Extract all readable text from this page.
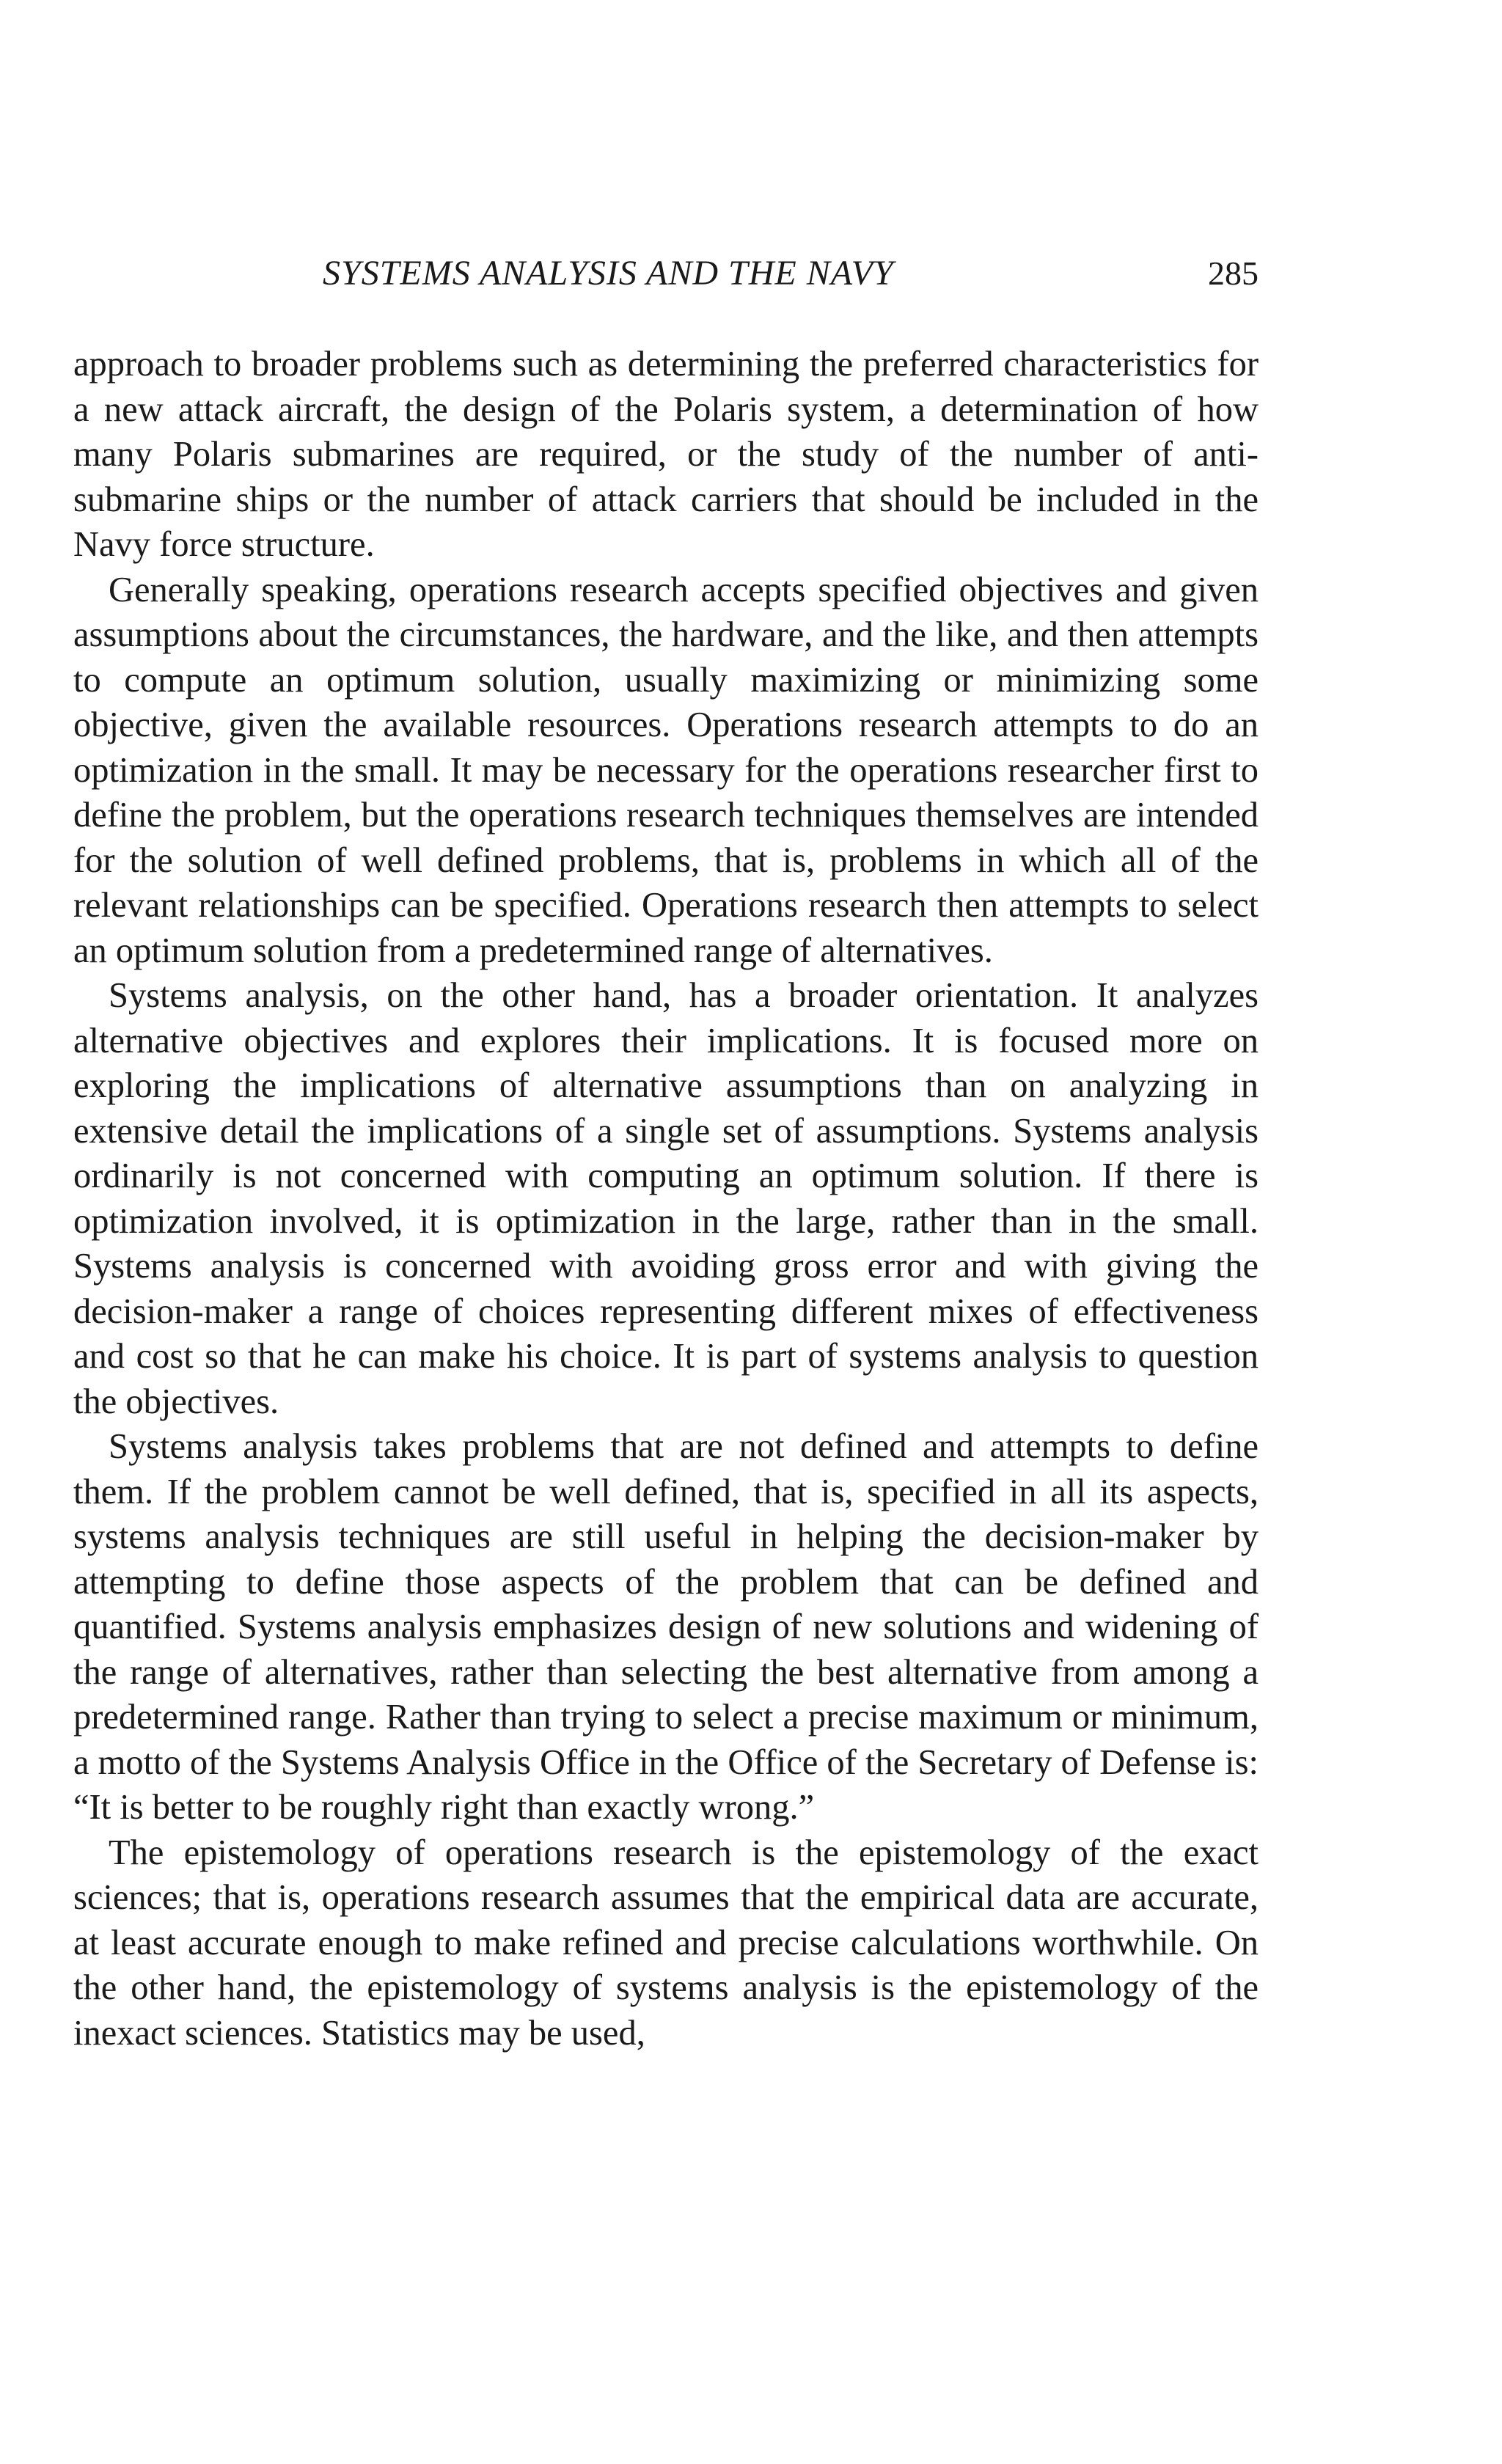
SYSTEMS ANALYSIS AND THE NAVY	285

approach to broader problems such as determining the preferred characteristics for a new attack aircraft, the design of the Polaris system, a determination of how many Polaris submarines are required, or the study of the number of anti-submarine ships or the number of attack carriers that should be included in the Navy force structure.

Generally speaking, operations research accepts specified objectives and given assumptions about the circumstances, the hardware, and the like, and then attempts to compute an optimum solution, usually maximizing or minimizing some objective, given the available resources. Operations research attempts to do an optimization in the small. It may be necessary for the operations researcher first to define the problem, but the operations research techniques themselves are intended for the solution of well defined problems, that is, problems in which all of the relevant relationships can be specified. Operations research then attempts to select an optimum solution from a predetermined range of alternatives.

Systems analysis, on the other hand, has a broader orientation. It analyzes alternative objectives and explores their implications. It is focused more on exploring the implications of alternative assumptions than on analyzing in extensive detail the implications of a single set of assumptions. Systems analysis ordinarily is not concerned with computing an optimum solution. If there is optimization involved, it is optimization in the large, rather than in the small. Systems analysis is concerned with avoiding gross error and with giving the decision-maker a range of choices representing different mixes of effectiveness and cost so that he can make his choice. It is part of systems analysis to question the objectives.

Systems analysis takes problems that are not defined and attempts to define them. If the problem cannot be well defined, that is, specified in all its aspects, systems analysis techniques are still useful in helping the decision-maker by attempting to define those aspects of the problem that can be defined and quantified. Systems analysis emphasizes design of new solutions and widening of the range of alternatives, rather than selecting the best alternative from among a predetermined range. Rather than trying to select a precise maximum or minimum, a motto of the Systems Analysis Office in the Office of the Secretary of Defense is: “It is better to be roughly right than exactly wrong.”

The epistemology of operations research is the epistemology of the exact sciences; that is, operations research assumes that the empirical data are accurate, at least accurate enough to make refined and precise calculations worthwhile. On the other hand, the epistemology of systems analysis is the epistemology of the inexact sciences. Statistics may be used,
